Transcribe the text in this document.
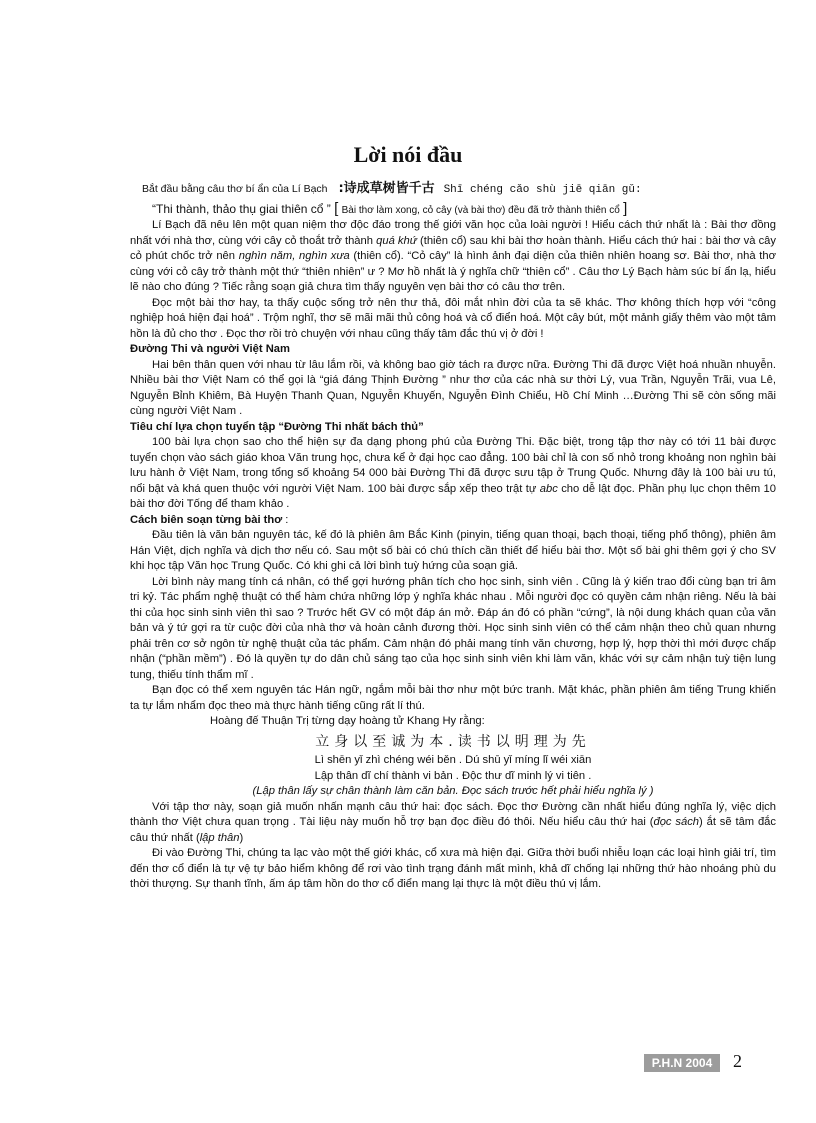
Lời nói đầu
Bắt đầu bằng câu thơ bí ẩn của Lí Bạch :诗成草树皆千古 Shī chéng cǎo shù jiē qiān gǔ:
“Thi thành, thảo thụ giai thiên cổ ” [ Bài thơ làm xong, cỏ cây (và bài thơ) đều đã trở thành thiên cổ ]

Lí Bạch đã nêu lên một quan niệm thơ độc đáo trong thế giới văn học của loài người ! Hiểu cách thứ nhất là : Bài thơ đồng nhất với nhà thơ, cùng với cây cỏ thoắt trở thành quá khứ (thiên cổ) sau khi bài thơ hoàn thành. Hiểu cách thứ hai : bài thơ và cây cỏ phút chốc trở nên nghìn năm, nghìn xưa (thiên cổ). “Cỏ cây” là hình ảnh đại diện của thiên nhiên hoang sơ. Bài thơ, nhà thơ cùng với cỏ cây trở thành một thứ “thiên nhiên” ư ? Mơ hồ nhất là ý nghĩa chữ “thiên cổ” . Câu thơ Lý Bạch hàm súc bí ẩn lạ, hiểu lẽ nào cho đúng ? Tiếc rằng soạn giả chưa tìm thấy nguyên vẹn bài thơ có câu thơ trên.

Đọc một bài thơ hay, ta thấy cuộc sống trở nên thư thả, đôi mắt nhìn đời của ta sẽ khác. Thơ không thích hợp với “công nghiệp hoá hiện đại hoá” . Trộm nghĩ, thơ sẽ mãi mãi thủ công hoá và cổ điển hoá. Một cây bút, một mảnh giấy thêm vào một tâm hồn là đủ cho thơ . Đọc thơ rồi trò chuyện với nhau cũng thấy tâm đắc thú vị ở đời !

Đường Thi và người Việt Nam

Hai bên thân quen với nhau từ lâu lắm rồi, và không bao giờ tách ra được nữa. Đường Thi đã được Việt hoá nhuần nhuyễn. Nhiều bài thơ Việt Nam có thể gọi là “giá đáng Thịnh Đường ” như thơ của các nhà sư thời Lý, vua Trần, Nguyễn Trãi, vua Lê, Nguyễn Bỉnh Khiêm, Bà Huyện Thanh Quan, Nguyễn Khuyến, Nguyễn Đình Chiểu, Hồ Chí Minh …Đường Thi sẽ còn sống mãi cùng người Việt Nam .

Tiêu chí lựa chọn tuyển tập “Đường Thi nhất bách thủ”

100 bài lựa chọn sao cho thể hiện sự đa dạng phong phú của Đường Thi. Đặc biệt, trong tập thơ này có tới 11 bài được tuyển chọn vào sách giáo khoa Văn trung học, chưa kể ở đại học cao đẳng. 100 bài chỉ là con số nhỏ trong khoảng non nghìn bài lưu hành ở Việt Nam, trong tổng số khoảng 54 000 bài Đường Thi đã được sưu tập ở Trung Quốc. Nhưng đây là 100 bài ưu tú, nổi bật và khá quen thuộc với người Việt Nam. 100 bài được sắp xếp theo trật tự abc cho dễ lật đọc. Phần phụ lục chọn thêm 10 bài thơ đời Tống để tham khảo .

Cách biên soạn từng bài thơ :

Đầu tiên là văn bản nguyên tác, kế đó là phiên âm Bắc Kinh (pinyin, tiếng quan thoại, bạch thoại, tiếng phổ thông), phiên âm Hán Việt, dịch nghĩa và dịch thơ nếu có. Sau một số bài có chú thích cần thiết để hiểu bài thơ. Một số bài ghi thêm gợi ý cho SV khi học tập Văn học Trung Quốc. Có khi ghi cả lời bình tuỳ hứng của soạn giả.

Lời bình này mang tính cá nhân, có thể gợi hướng phân tích cho học sinh, sinh viên . Cũng là ý kiến trao đổi cùng bạn tri âm tri kỷ. Tác phẩm nghệ thuật có thể hàm chứa những lớp ý nghĩa khác nhau . Mỗi người đọc có quyền cảm nhận riêng. Nếu là bài thi của học sinh sinh viên thì sao ? Trước hết GV có một đáp án mở. Đáp án đó có phần “cứng”, là nội dung khách quan của văn bản và ý tứ gợi ra từ cuộc đời của nhà thơ và hoàn cảnh đương thời. Học sinh sinh viên có thể cảm nhận theo chủ quan nhưng phải trên cơ sở ngôn từ nghệ thuật của tác phẩm. Cảm nhận đó phải mang tính văn chương, hợp lý, hợp thời thì mới được chấp nhận (“phần mềm”) . Đó là quyền tự do dân chủ sáng tạo của học sinh sinh viên khi làm văn, khác với sự cảm nhận tuỳ tiện lung tung, thiếu tính thẩm mĩ .

Bạn đọc có thể xem nguyên tác Hán ngữ, ngắm mỗi bài thơ như một bức tranh. Mặt khác, phần phiên âm tiếng Trung khiến ta tự lắm nhẩm đọc theo mà thực hành tiếng cũng rất lí thú.

Hoàng đế Thuận Trị từng dạy hoàng tử Khang Hy rằng:

立身以至诚为本.读书以明理为先

Lì shēn yǐ zhì chéng wéi běn . Dú shū yǐ míng lǐ wéi xiān

Lập thân dĩ chí thành vi bản . Độc thư dĩ minh lý vi tiên .

(Lập thân lấy sự chân thành làm căn bản. Đọc sách trước hết phải hiểu nghĩa lý )

Với tập thơ này, soạn giả muốn nhấn mạnh câu thứ hai: đọc sách. Đọc thơ Đường cần nhất hiểu đúng nghĩa lý, việc dịch thành thơ Việt chưa quan trọng . Tài liệu này muốn hỗ trợ bạn đọc điều đó thôi. Nếu hiểu câu thứ hai (đọc sách) ắt sẽ tâm đắc câu thứ nhất (lập thân)

Đi vào Đường Thi, chúng ta lạc vào một thế giới khác, cổ xưa mà hiện đại. Giữa thời buổi nhiễu loạn các loại hình giải trí, tìm đến thơ cổ điển là tự vệ tự bảo hiểm không để rơi vào tình trạng đánh mất mình, khả dĩ chống lại những thứ hào nhoáng phù du thời thượng. Sự thanh tĩnh, ấm áp tâm hồn do thơ cổ điển mang lại thực là một điều thú vị lắm.

P.H.N 2004	2
